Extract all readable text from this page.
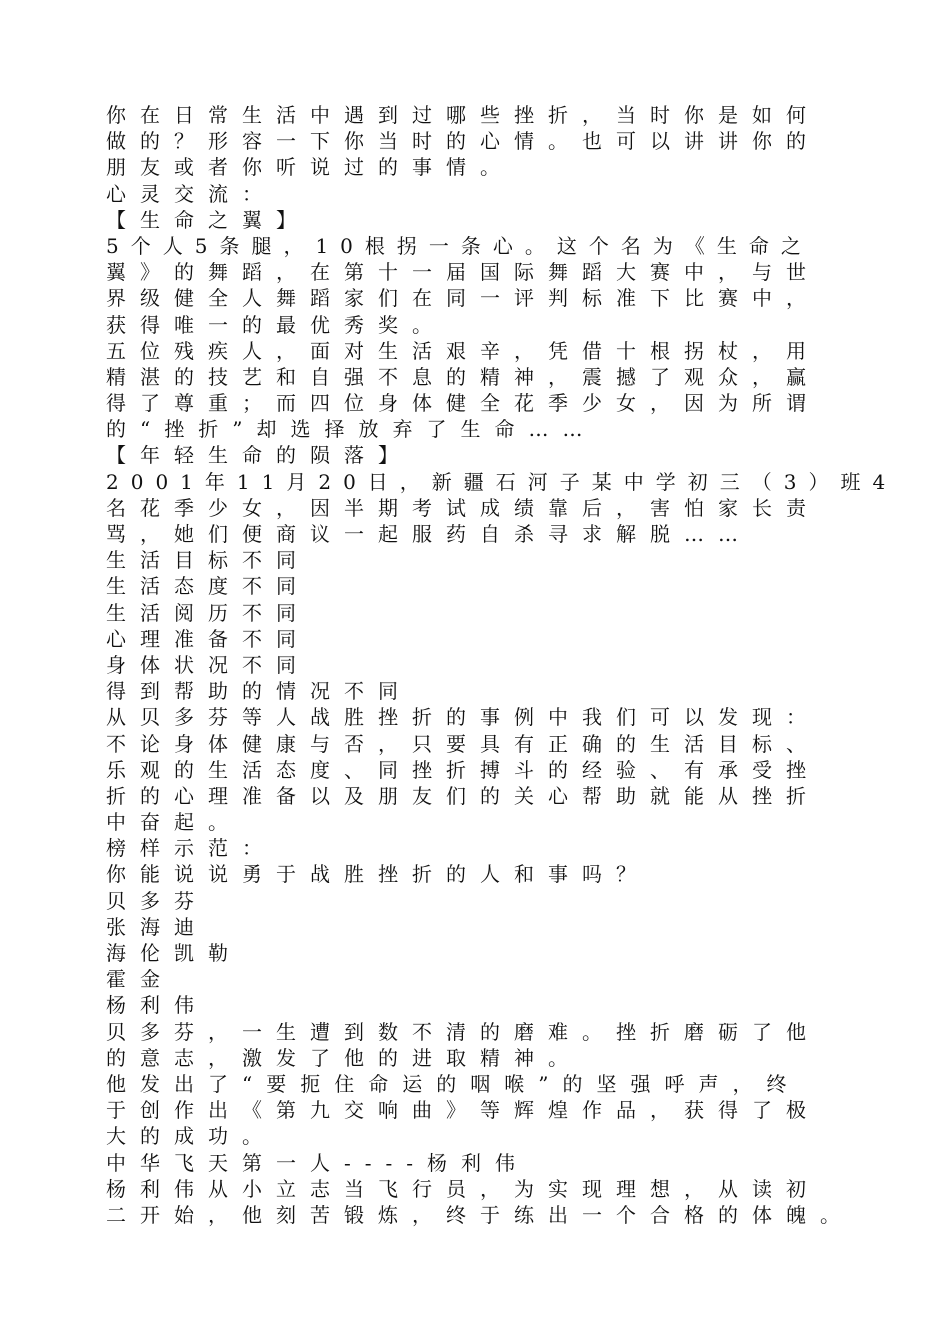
你在日常生活中遇到过哪些挫折，当时你是如何
做的？形容一下你当时的心情。也可以讲讲你的
朋友或者你听说过的事情。
心灵交流：
【生命之翼】
5个人5条腿，10根拐一条心。这个名为《生命之
翼》的舞蹈，在第十一届国际舞蹈大赛中，与世
界级健全人舞蹈家们在同一评判标准下比赛中，
获得唯一的最优秀奖。
五位残疾人，面对生活艰辛，凭借十根拐杖，用
精湛的技艺和自强不息的精神，震撼了观众，赢
得了尊重；而四位身体健全花季少女，因为所谓
的“挫折”却选择放弃了生命……
【年轻生命的陨落】
2001年11月20日，新疆石河子某中学初三（3）班4
名花季少女，因半期考试成绩靠后，害怕家长责
骂，她们便商议一起服药自杀寻求解脱……
生活目标不同
生活态度不同
生活阅历不同
心理准备不同
身体状况不同
得到帮助的情况不同
从贝多芬等人战胜挫折的事例中我们可以发现：
不论身体健康与否，只要具有正确的生活目标、
乐观的生活态度、同挫折搏斗的经验、有承受挫
折的心理准备以及朋友们的关心帮助就能从挫折
中奋起。
榜样示范：
你能说说勇于战胜挫折的人和事吗？
贝多芬
张海迪
海伦凯勒
霍金
杨利伟
贝多芬，一生遭到数不清的磨难。挫折磨砺了他
的意志，激发了他的进取精神。
他发出了“要扼住命运的咽喉”的坚强呼声，终
于创作出《第九交响曲》等辉煌作品，获得了极
大的成功。
中华飞天第一人----杨利伟
杨利伟从小立志当飞行员，为实现理想，从读初
二开始，他刻苦锻炼，终于练出一个合格的体魄。
